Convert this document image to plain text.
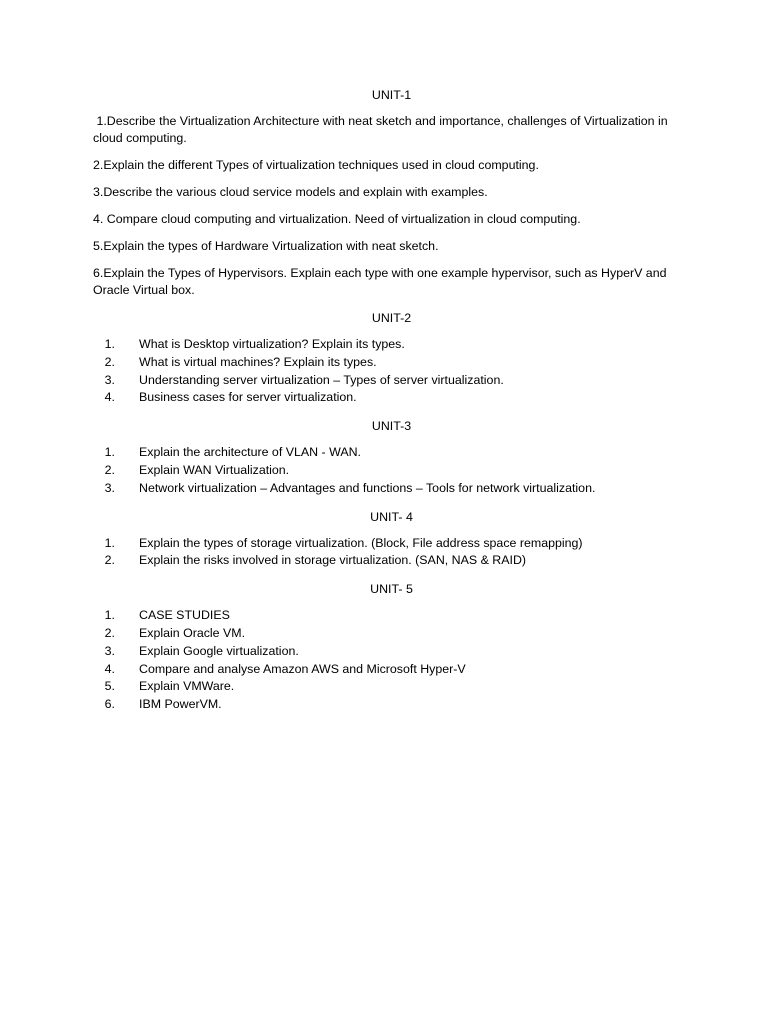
UNIT-1

1.Describe the Virtualization Architecture with neat sketch and importance, challenges of Virtualization in cloud computing.

2.Explain the different Types of virtualization techniques used in cloud computing.

3.Describe the various cloud service models and explain with examples.

4. Compare cloud computing and virtualization. Need of virtualization in cloud computing.

5.Explain the types of Hardware Virtualization with neat sketch.

6.Explain the Types of Hypervisors. Explain each type with one example hypervisor, such as HyperV and Oracle Virtual box.

UNIT-2
1. What is Desktop virtualization? Explain its types.
2. What is virtual machines? Explain its types.
3. Understanding server virtualization – Types of server virtualization.
4. Business cases for server virtualization.
UNIT-3
1. Explain the architecture of VLAN - WAN.
2. Explain WAN Virtualization.
3. Network virtualization – Advantages and functions – Tools for network virtualization.
UNIT- 4
1. Explain the types of storage virtualization. (Block, File address space remapping)
2. Explain the risks involved in storage virtualization. (SAN, NAS & RAID)
UNIT- 5
1. CASE STUDIES
2. Explain Oracle VM.
3. Explain Google virtualization.
4. Compare and analyse Amazon AWS and Microsoft Hyper-V
5. Explain VMWare.
6. IBM PowerVM.
